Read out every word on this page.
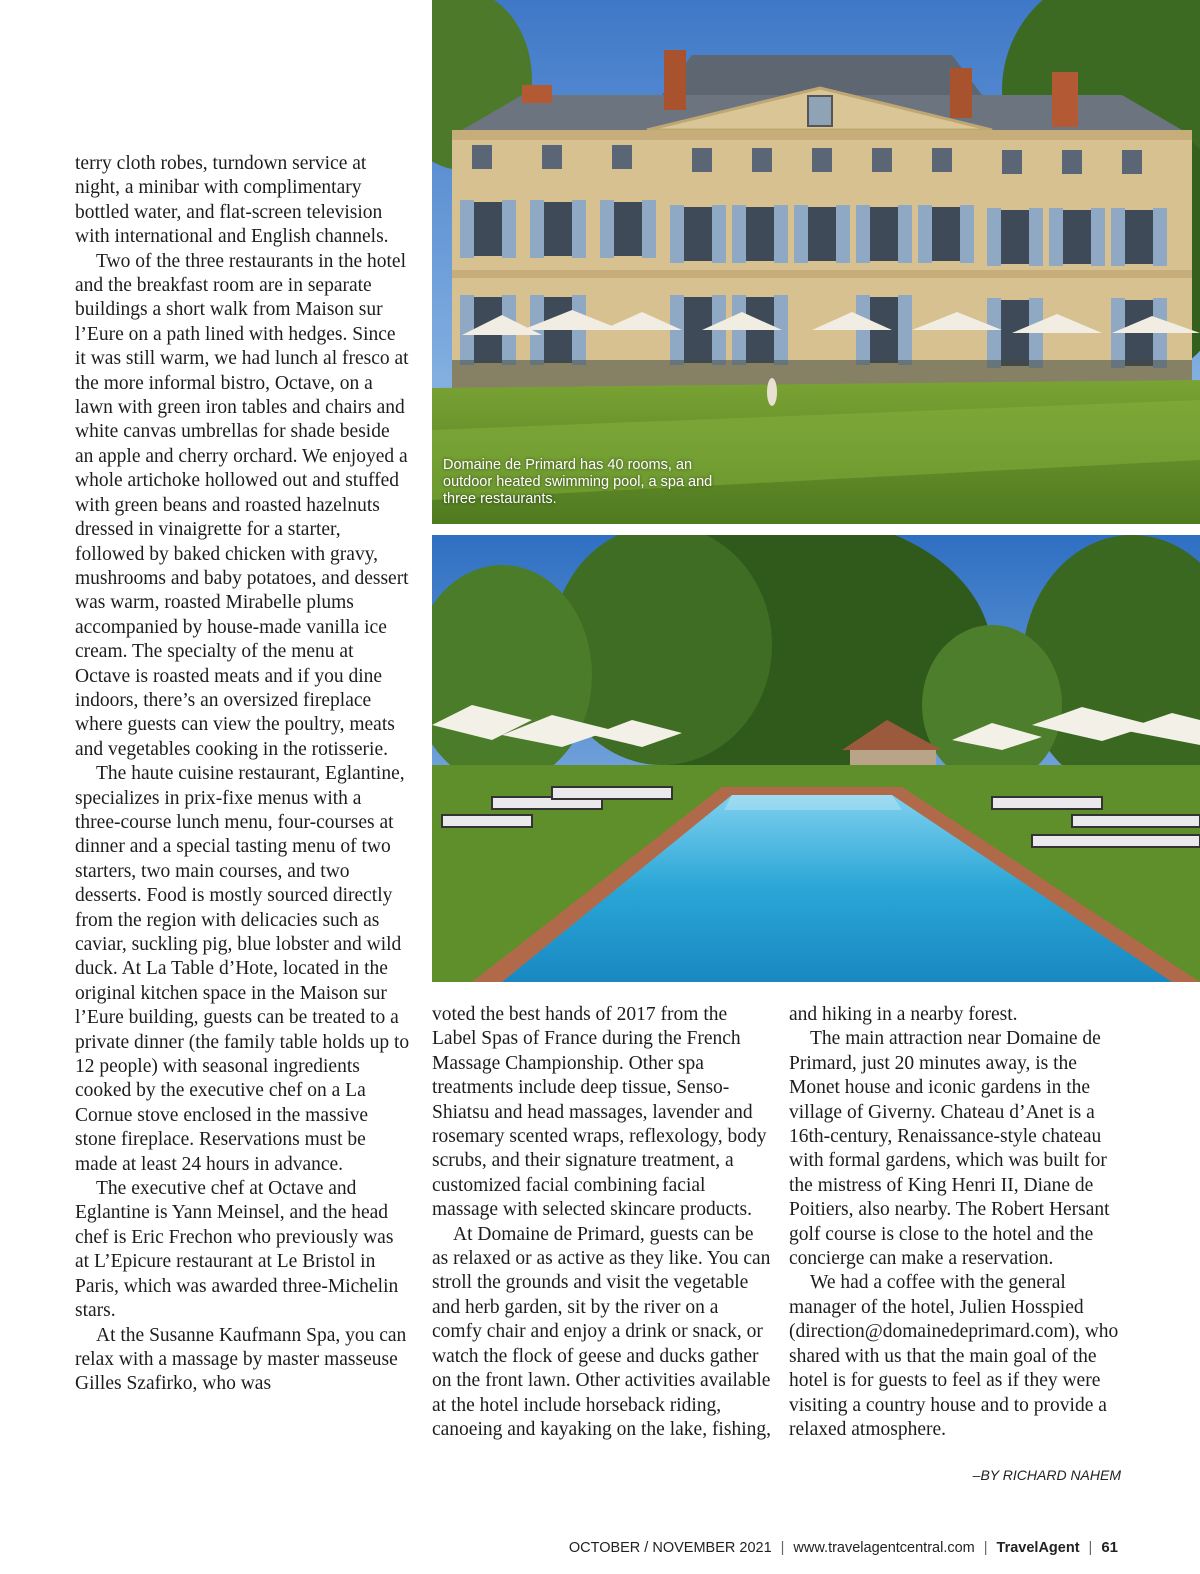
terry cloth robes, turndown service at night, a minibar with complimentary bottled water, and flat-screen television with international and English channels.

Two of the three restaurants in the hotel and the breakfast room are in separate buildings a short walk from Maison sur l’Eure on a path lined with hedges. Since it was still warm, we had lunch al fresco at the more informal bistro, Octave, on a lawn with green iron tables and chairs and white canvas umbrellas for shade beside an apple and cherry orchard. We enjoyed a whole artichoke hollowed out and stuffed with green beans and roasted hazelnuts dressed in vinaigrette for a starter, followed by baked chicken with gravy, mushrooms and baby potatoes, and dessert was warm, roasted Mirabelle plums accompanied by house-made vanilla ice cream. The specialty of the menu at Octave is roasted meats and if you dine indoors, there’s an oversized fireplace where guests can view the poultry, meats and vegetables cooking in the rotisserie.

The haute cuisine restaurant, Eglantine, specializes in prix-fixe menus with a three-course lunch menu, four-courses at dinner and a special tasting menu of two starters, two main courses, and two desserts. Food is mostly sourced directly from the region with delicacies such as caviar, suckling pig, blue lobster and wild duck. At La Table d’Hote, located in the original kitchen space in the Maison sur l’Eure building, guests can be treated to a private dinner (the family table holds up to 12 people) with seasonal ingredients cooked by the executive chef on a La Cornue stove enclosed in the massive stone fireplace. Reservations must be made at least 24 hours in advance.

The executive chef at Octave and Eglantine is Yann Meinsel, and the head chef is Eric Frechon who previously was at L’Epicure restaurant at Le Bristol in Paris, which was awarded three-Michelin stars.

At the Susanne Kaufmann Spa, you can relax with a massage by master masseuse Gilles Szafirko, who was

Domaine de Primard has 40 rooms, an outdoor heated swimming pool, a spa and three restaurants.

voted the best hands of 2017 from the Label Spas of France during the French Massage Championship. Other spa treatments include deep tissue, Senso-Shiatsu and head massages, lavender and rosemary scented wraps, reflexology, body scrubs, and their signature treatment, a customized facial combining facial massage with selected skincare products.

At Domaine de Primard, guests can be as relaxed or as active as they like. You can stroll the grounds and visit the vegetable and herb garden, sit by the river on a comfy chair and enjoy a drink or snack, or watch the flock of geese and ducks gather on the front lawn. Other activities available at the hotel include horseback riding, canoeing and kayaking on the lake, fishing,

and hiking in a nearby forest.

The main attraction near Domaine de Primard, just 20 minutes away, is the Monet house and iconic gardens in the village of Giverny. Chateau d’Anet is a 16th-century, Renaissance-style chateau with formal gardens, which was built for the mistress of King Henri II, Diane de Poitiers, also nearby. The Robert Hersant golf course is close to the hotel and the concierge can make a reservation.

We had a coffee with the general manager of the hotel, Julien Hosspied (direction@domainedeprimard.com), who shared with us that the main goal of the hotel is for guests to feel as if they were visiting a country house and to provide a relaxed atmosphere.

–BY RICHARD NAHEM
OCTOBER / NOVEMBER 2021 | www.travelagentcentral.com | TravelAgent | 61
